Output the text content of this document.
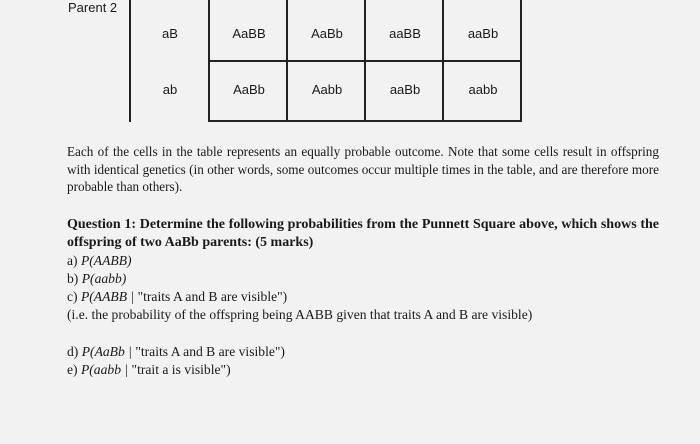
Parent 2
aB	AaBB	AaBb	aaBB	aaBb
ab	AaBb	Aabb	aaBb	aabb
Each of the cells in the table represents an equally probable outcome. Note that some cells result in offspring with identical genetics (in other words, some outcomes occur multiple times in the table, and are therefore more probable than others).
Question 1: Determine the following probabilities from the Punnett Square above, which shows the offspring of two AaBb parents: (5 marks)
a) P(AABB)
b) P(aabb)
c) P(AABB | "traits A and B are visible")
(i.e. the probability of the offspring being AABB given that traits A and B are visible)
d) P(AaBb | "traits A and B are visible")
e) P(aabb | "trait a is visible")
